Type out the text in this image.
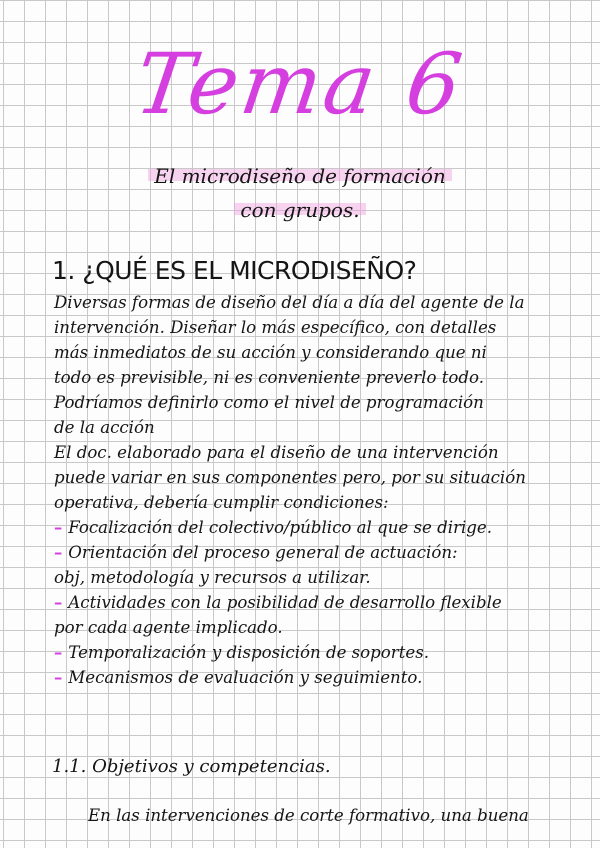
Tema 6
El microdiseño de formación
con grupos.
1. ¿QUÉ ES EL MICRODISEÑO?
Diversas formas de diseño del día a día del agente de la
intervención. Diseñar lo más específico, con detalles
más inmediatos de su acción y considerando que ni
todo es previsible, ni es conveniente preverlo todo.
Podríamos definirlo como el nivel de programación
de la acción
El doc. elaborado para el diseño de una intervención
puede variar en sus componentes pero, por su situación
operativa, debería cumplir condiciones:
– Focalización del colectivo/público al que se dirige.
– Orientación del proceso general de actuación:
obj, metodología y recursos a utilizar.
– Actividades con la posibilidad de desarrollo flexible
por cada agente implicado.
– Temporalización y disposición de soportes.
– Mecanismos de evaluación y seguimiento.
1.1. Objetivos y competencias.
En las intervenciones de corte formativo, una buena
